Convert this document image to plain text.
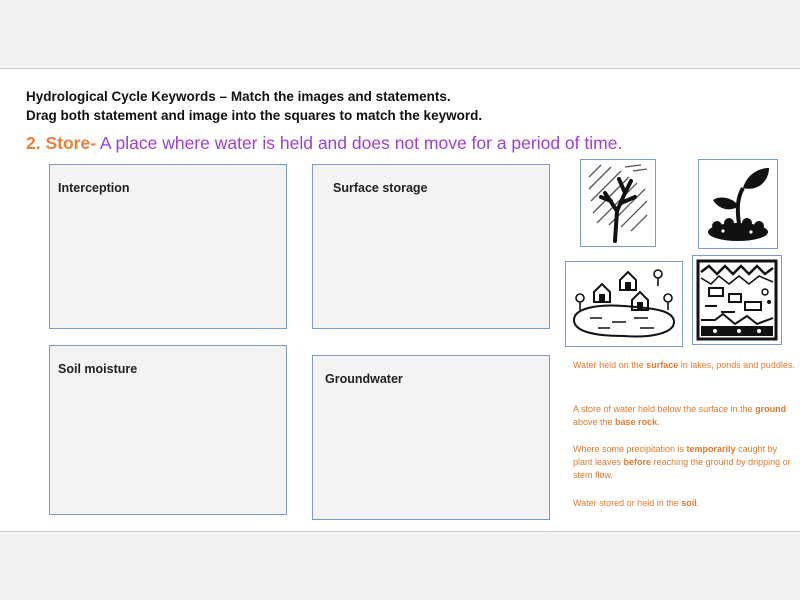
Hydrological Cycle Keywords – Match the images and statements.
Drag both statement and image into the squares to match the keyword.
2. Store- A place where water is held and does not move for a period of time.
Interception	Surface storage
Soil moisture
Groundwater
Water held on the surface in lakes, ponds and puddles.
A store of water held below the surface in the ground above the base rock.
Where some precipitation is temporarily caught by plant leaves before reaching the ground by dripping or stem flow.
Water stored or held in the soil.
